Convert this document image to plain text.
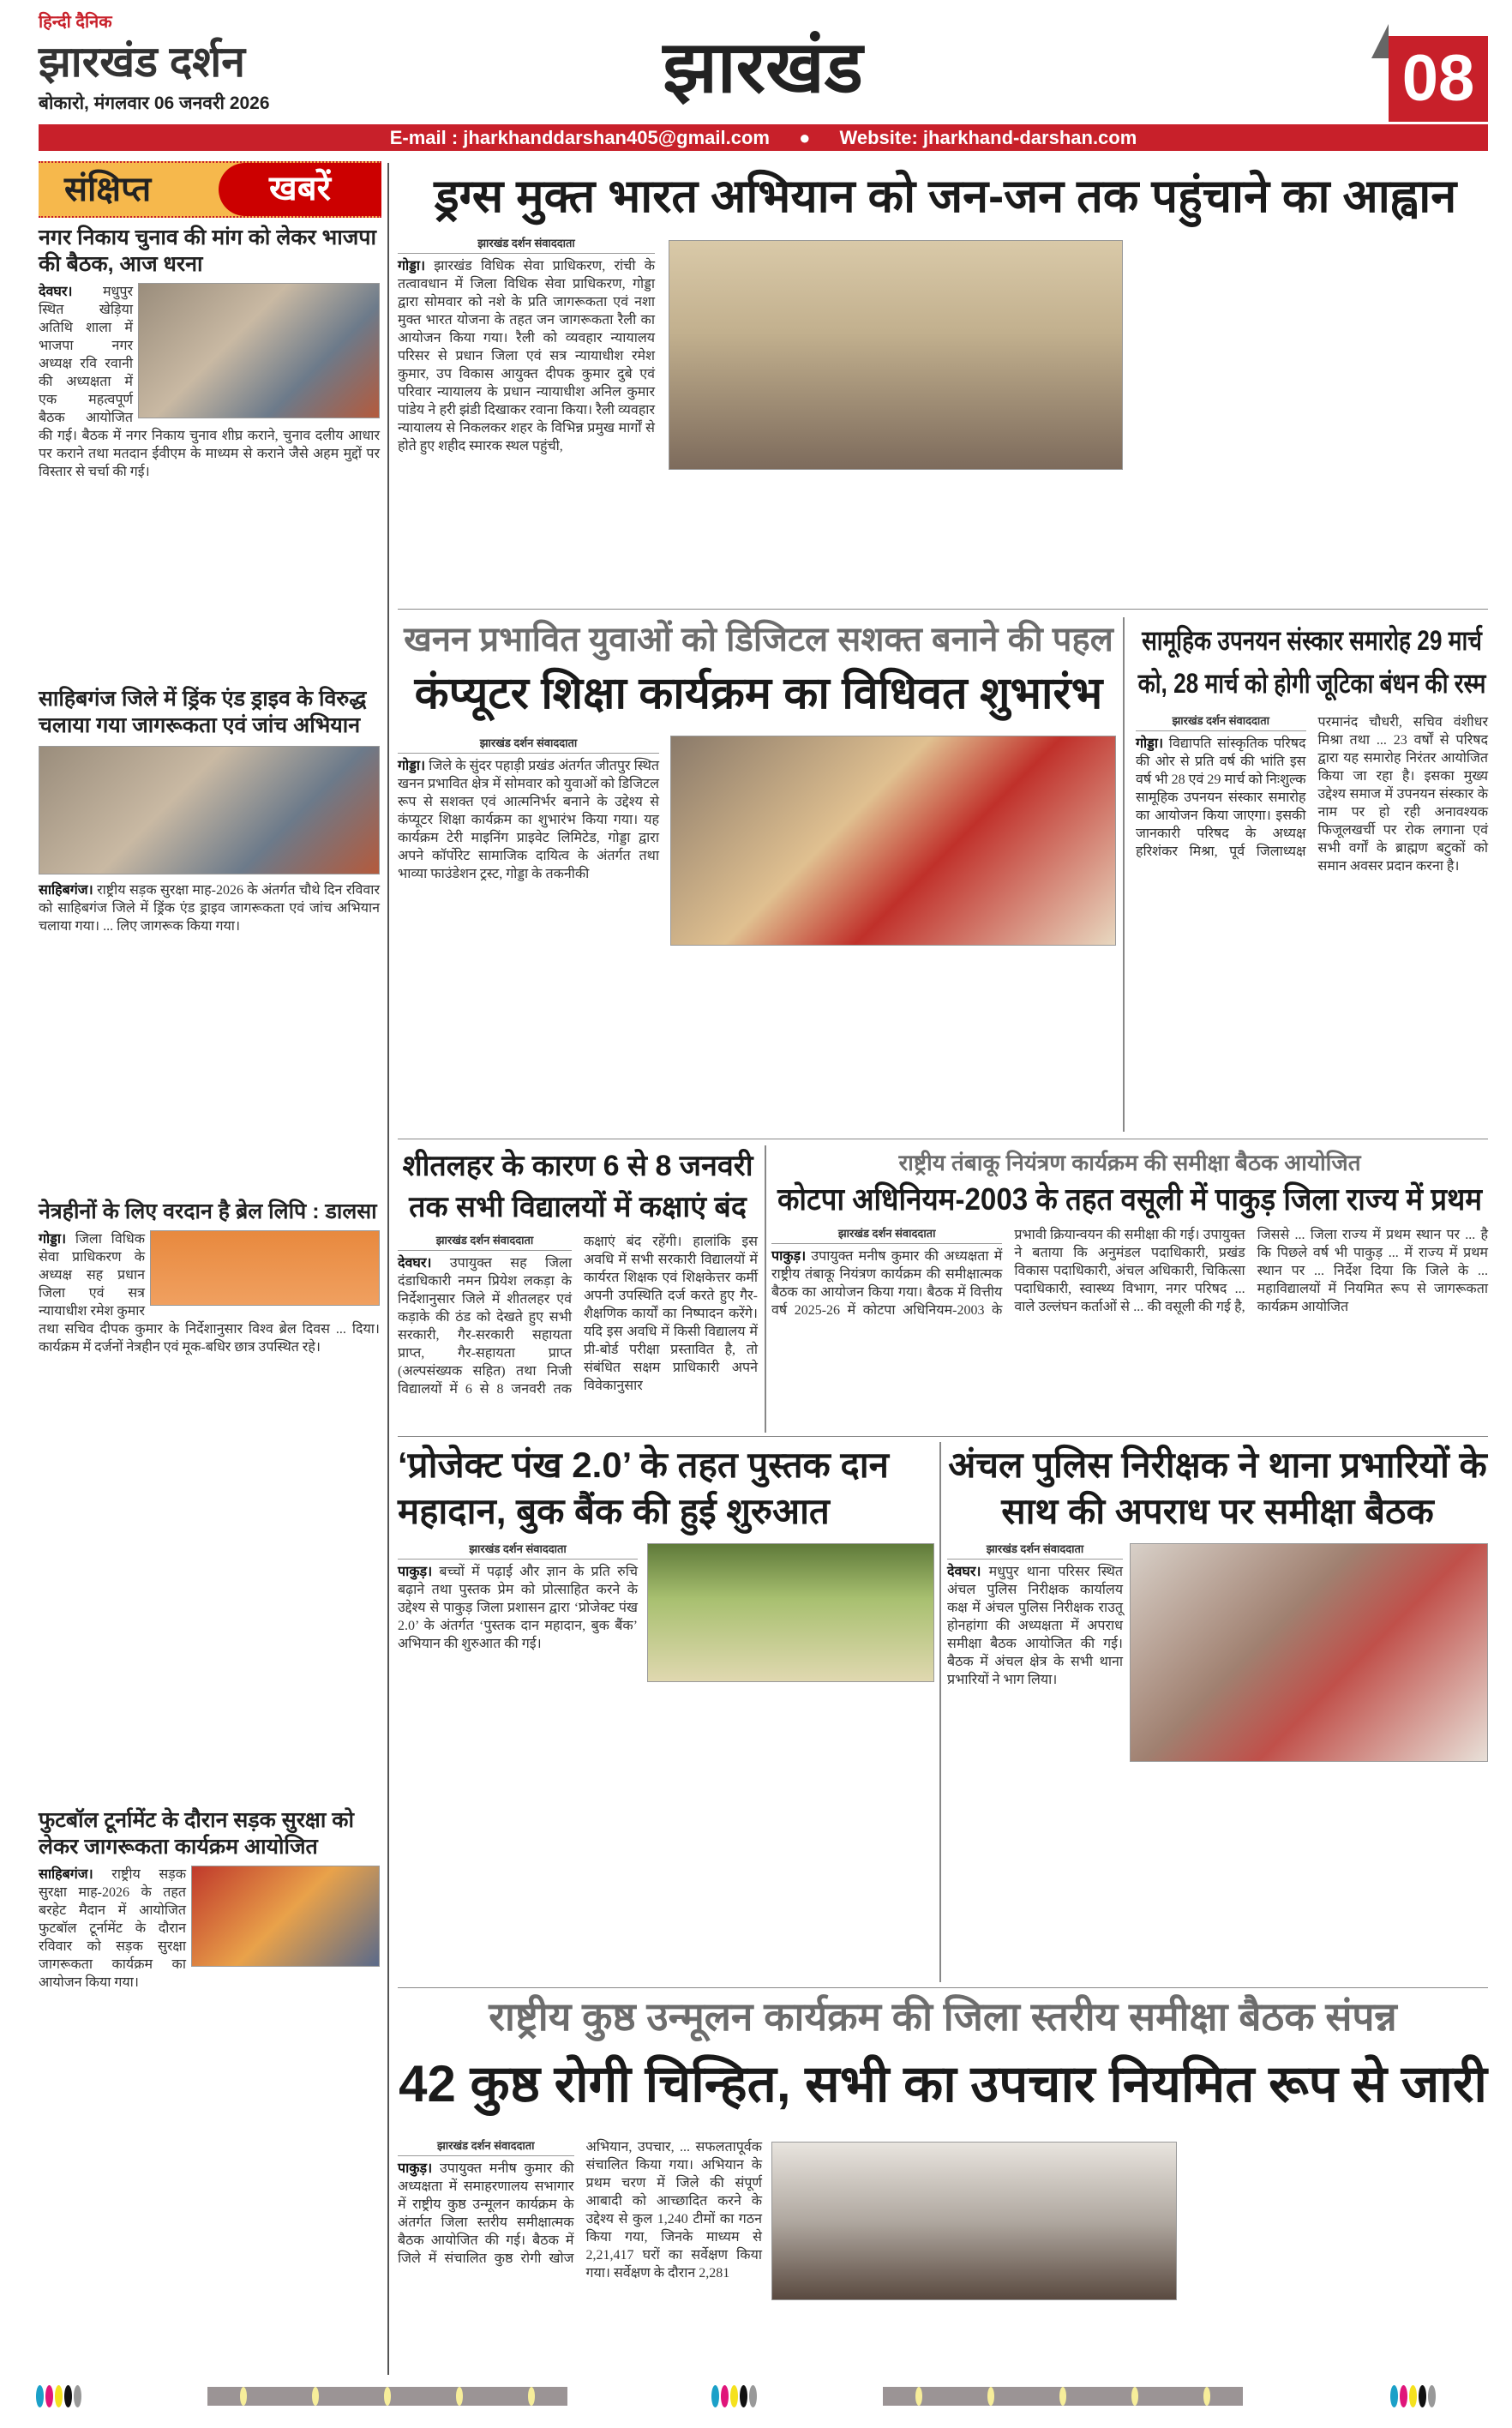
हिन्दी दैनिक
झारखंड दर्शन
बोकारो, मंगलवार 06 जनवरी 2026	झारखंड	08
E-mail : jharkhanddarshan405@gmail.com ● Website: jharkhand-darshan.com
संक्षिप्त	खबरें
नगर निकाय चुनाव की मांग को लेकर भाजपा की बैठक, आज धरना

देवघर। मधुपुर स्थित खेड़िया अतिथि शाला में भाजपा नगर अध्यक्ष रवि रवानी की अध्यक्षता में एक महत्वपूर्ण बैठक आयोजित की गई। बैठक में नगर निकाय चुनाव शीघ्र कराने, चुनाव दलीय आधार पर कराने तथा मतदान ईवीएम के माध्यम से कराने जैसे अहम मुद्दों पर विस्तार से चर्चा की गई।

साहिबगंज जिले में ड्रिंक एंड ड्राइव के विरुद्ध चलाया गया जागरूकता एवं जांच अभियान

साहिबगंज। राष्ट्रीय सड़क सुरक्षा माह-2026 के अंतर्गत चौथे दिन रविवार को साहिबगंज जिले में ड्रिंक एंड ड्राइव जागरूकता एवं जांच अभियान चलाया गया। ... लिए जागरूक किया गया।

नेत्रहीनों के लिए वरदान है ब्रेल लिपि : डालसा

गोड्डा। जिला विधिक सेवा प्राधिकरण के अध्यक्ष सह प्रधान जिला एवं सत्र न्यायाधीश रमेश कुमार तथा सचिव दीपक कुमार के निर्देशानुसार विश्व ब्रेल दिवस ... दिया। कार्यक्रम में दर्जनों नेत्रहीन एवं मूक-बधिर छात्र उपस्थित रहे।

फुटबॉल टूर्नामेंट के दौरान सड़क सुरक्षा को लेकर जागरूकता कार्यक्रम आयोजित

साहिबगंज। राष्ट्रीय सड़क सुरक्षा माह-2026 के तहत बरहेट मैदान में आयोजित फुटबॉल टूर्नामेंट के दौरान रविवार को सड़क सुरक्षा जागरूकता कार्यक्रम का आयोजन किया गया।

ड्रग्स मुक्त भारत अभियान को जन-जन तक पहुंचाने का आह्वान
झारखंड दर्शन संवाददाता

गोड्डा। झारखंड विधिक सेवा प्राधिकरण, रांची के तत्वावधान में जिला विधिक सेवा प्राधिकरण, गोड्डा द्वारा सोमवार को नशे के प्रति जागरूकता एवं नशा मुक्त भारत योजना के तहत जन जागरूकता रैली का आयोजन किया गया। रैली को व्यवहार न्यायालय परिसर से प्रधान जिला एवं सत्र न्यायाधीश रमेश कुमार, उप विकास आयुक्त दीपक कुमार दुबे एवं परिवार न्यायालय के प्रधान न्यायाधीश अनिल कुमार पांडेय ने हरी झंडी दिखाकर रवाना किया। रैली व्यवहार न्यायालय से निकलकर शहर के विभिन्न प्रमुख मार्गों से होते हुए शहीद स्मारक स्थल पहुंची,

खनन प्रभावित युवाओं को डिजिटल सशक्त बनाने की पहल
कंप्यूटर शिक्षा कार्यक्रम का विधिवत शुभारंभ
झारखंड दर्शन संवाददाता

गोड्डा। जिले के सुंदर पहाड़ी प्रखंड अंतर्गत जीतपुर स्थित खनन प्रभावित क्षेत्र में सोमवार को युवाओं को डिजिटल रूप से सशक्त एवं आत्मनिर्भर बनाने के उद्देश्य से कंप्यूटर शिक्षा कार्यक्रम का शुभारंभ किया गया। यह कार्यक्रम टेरी माइनिंग प्राइवेट लिमिटेड, गोड्डा द्वारा अपने कॉर्पोरेट सामाजिक दायित्व के अंतर्गत तथा भाव्या फाउंडेशन ट्रस्ट, गोड्डा के तकनीकी

सामूहिक उपनयन संस्कार समारोह 29 मार्च को, 28 मार्च को होगी जूटिका बंधन की रस्म
झारखंड दर्शन संवाददाता

गोड्डा। विद्यापति सांस्कृतिक परिषद की ओर से प्रति वर्ष की भांति इस वर्ष भी 28 एवं 29 मार्च को निःशुल्क सामूहिक उपनयन संस्कार समारोह का आयोजन किया जाएगा। इसकी जानकारी परिषद के अध्यक्ष हरिशंकर मिश्रा, पूर्व जिलाध्यक्ष परमानंद चौधरी, सचिव वंशीधर मिश्रा तथा ... 23 वर्षों से परिषद द्वारा यह समारोह निरंतर आयोजित किया जा रहा है। इसका मुख्य उद्देश्य समाज में उपनयन संस्कार के नाम पर हो रही अनावश्यक फिजूलखर्ची पर रोक लगाना एवं सभी वर्गों के ब्राह्मण बटुकों को समान अवसर प्रदान करना है।

शीतलहर के कारण 6 से 8 जनवरी तक सभी विद्यालयों में कक्षाएं बंद
झारखंड दर्शन संवाददाता

देवघर। उपायुक्त सह जिला दंडाधिकारी नमन प्रियेश लकड़ा के निर्देशानुसार जिले में शीतलहर एवं कड़ाके की ठंड को देखते हुए सभी सरकारी, गैर-सरकारी सहायता प्राप्त, गैर-सहायता प्राप्त (अल्पसंख्यक सहित) तथा निजी विद्यालयों में 6 से 8 जनवरी तक कक्षाएं बंद रहेंगी। हालांकि इस अवधि में सभी सरकारी विद्यालयों में कार्यरत शिक्षक एवं शिक्षकेत्तर कर्मी अपनी उपस्थिति दर्ज करते हुए गैर-शैक्षणिक कार्यों का निष्पादन करेंगे। यदि इस अवधि में किसी विद्यालय में प्री-बोर्ड परीक्षा प्रस्तावित है, तो संबंधित सक्षम प्राधिकारी अपने विवेकानुसार

राष्ट्रीय तंबाकू नियंत्रण कार्यक्रम की समीक्षा बैठक आयोजित
कोटपा अधिनियम-2003 के तहत वसूली में पाकुड़ जिला राज्य में प्रथम
झारखंड दर्शन संवाददाता

पाकुड़। उपायुक्त मनीष कुमार की अध्यक्षता में राष्ट्रीय तंबाकू नियंत्रण कार्यक्रम की समीक्षात्मक बैठक का आयोजन किया गया। बैठक में वित्तीय वर्ष 2025-26 में कोटपा अधिनियम-2003 के प्रभावी क्रियान्वयन की समीक्षा की गई। उपायुक्त ने बताया कि अनुमंडल पदाधिकारी, प्रखंड विकास पदाधिकारी, अंचल अधिकारी, चिकित्सा पदाधिकारी, स्वास्थ्य विभाग, नगर परिषद ... वाले उल्लंघन कर्ताओं से ... की वसूली की गई है, जिससे ... जिला राज्य में प्रथम स्थान पर ... है कि पिछले वर्ष भी पाकुड़ ... में राज्य में प्रथम स्थान पर ... निर्देश दिया कि जिले के ... महाविद्यालयों में नियमित रूप से जागरूकता कार्यक्रम आयोजित

‘प्रोजेक्ट पंख 2.0’ के तहत पुस्तक दान महादान, बुक बैंक की हुई शुरुआत
झारखंड दर्शन संवाददाता

पाकुड़। बच्चों में पढ़ाई और ज्ञान के प्रति रुचि बढ़ाने तथा पुस्तक प्रेम को प्रोत्साहित करने के उद्देश्य से पाकुड़ जिला प्रशासन द्वारा ‘प्रोजेक्ट पंख 2.0’ के अंतर्गत ‘पुस्तक दान महादान, बुक बैंक’ अभियान की शुरुआत की गई।

अंचल पुलिस निरीक्षक ने थाना प्रभारियों के साथ की अपराध पर समीक्षा बैठक
झारखंड दर्शन संवाददाता

देवघर। मधुपुर थाना परिसर स्थित अंचल पुलिस निरीक्षक कार्यालय कक्ष में अंचल पुलिस निरीक्षक राउतू होनहांगा की अध्यक्षता में अपराध समीक्षा बैठक आयोजित की गई। बैठक में अंचल क्षेत्र के सभी थाना प्रभारियों ने भाग लिया।

राष्ट्रीय कुष्ठ उन्मूलन कार्यक्रम की जिला स्तरीय समीक्षा बैठक संपन्न
42 कुष्ठ रोगी चिन्हित, सभी का उपचार नियमित रूप से जारी
झारखंड दर्शन संवाददाता

पाकुड़। उपायुक्त मनीष कुमार की अध्यक्षता में समाहरणालय सभागार में राष्ट्रीय कुष्ठ उन्मूलन कार्यक्रम के अंतर्गत जिला स्तरीय समीक्षात्मक बैठक आयोजित की गई। बैठक में जिले में संचालित कुष्ठ रोगी खोज अभियान, उपचार, ... सफलतापूर्वक संचालित किया गया। अभियान के प्रथम चरण में जिले की संपूर्ण आबादी को आच्छादित करने के उद्देश्य से कुल 1,240 टीमों का गठन किया गया, जिनके माध्यम से 2,21,417 घरों का सर्वेक्षण किया गया। सर्वेक्षण के दौरान 2,281
